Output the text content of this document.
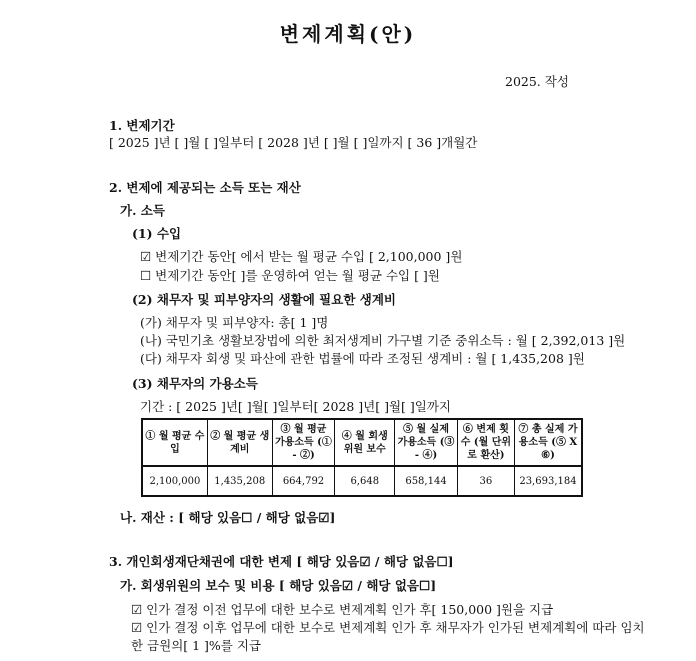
변제계획(안)
2025. 작성
1. 변제기간
[ 2025 ]년 [ ]월 [ ]일부터 [ 2028 ]년 [ ]월 [ ]일까지 [ 36 ]개월간
2. 변제에 제공되는 소득 또는 재산
가. 소득
(1) 수입
☑ 변제기간 동안[ 에서 받는 월 평균 수입 [ 2,100,000 ]원
☐ 변제기간 동안[ ]를 운영하여 얻는 월 평균 수입 [ ]원
(2) 채무자 및 피부양자의 생활에 필요한 생계비
(가) 채무자 및 피부양자: 총[ 1 ]명
(나) 국민기초 생활보장법에 의한 최저생계비 가구별 기준 중위소득 : 월 [ 2,392,013 ]원
(다) 채무자 회생 및 파산에 관한 법률에 따라 조정된 생계비 : 월 [ 1,435,208 ]원
(3) 채무자의 가용소득
기간 : [ 2025 ]년[ ]월[ ]일부터[ 2028 ]년[ ]월[ ]일까지
① 월 평균 수입	② 월 평균 생계비	③ 월 평균 가용소득 (① - ②)	④ 월 회생위원 보수	⑤ 월 실제 가용소득 (③ - ④)	⑥ 변제 횟수 (월 단위로 환산)	⑦ 총 실제 가용소득 (⑤ X ⑥)
2,100,000	1,435,208	664,792	6,648	658,144	36	23,693,184
나. 재산 : [ 해당 있음☐ / 해당 없음☑]
3. 개인회생재단채권에 대한 변제 [ 해당 있음☑ / 해당 없음☐]
가. 회생위원의 보수 및 비용 [ 해당 있음☑ / 해당 없음☐]
☑ 인가 결정 이전 업무에 대한 보수로 변제계획 인가 후[ 150,000 ]원을 지급
☑ 인가 결정 이후 업무에 대한 보수로 변제계획 인가 후 채무자가 인가된 변제계획에 따라 임치
한 금원의[ 1 ]%를 지급
